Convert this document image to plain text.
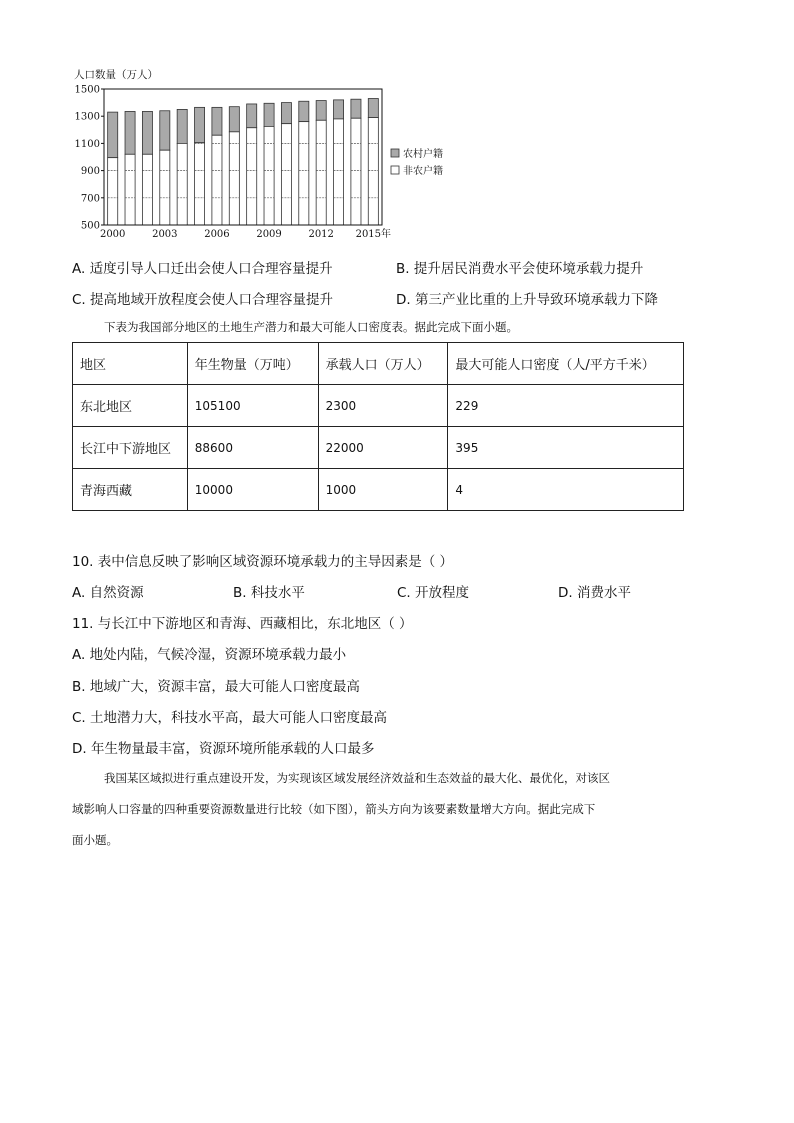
人口数量（万人）
1500
1300
1100
900
700
500
2000	2003	2006	2009	2012 2015年
农村户籍
非农户籍
A. 适度引导人口迁出会使人口合理容量提升	B. 提升居民消费水平会使环境承载力提升
C. 提高地域开放程度会使人口合理容量提升	D. 第三产业比重的上升导致环境承载力下降
下表为我国部分地区的土地生产潜力和最大可能人口密度表。据此完成下面小题。
地区	年生物量（万吨）	承载人口（万人）	最大可能人口密度（人/平方千米）
东北地区	105100	2300	229
长江中下游地区	88600	22000	395
青海西藏	10000	1000	4
10. 表中信息反映了影响区域资源环境承载力的主导因素是（ ）
A. 自然资源	B. 科技水平	C. 开放程度	D. 消费水平
11. 与长江中下游地区和青海、西藏相比，东北地区（ ）
A. 地处内陆，气候冷湿，资源环境承载力最小
B. 地域广大，资源丰富，最大可能人口密度最高
C. 土地潜力大，科技水平高，最大可能人口密度最高
D. 年生物量最丰富，资源环境所能承载的人口最多
我国某区域拟进行重点建设开发，为实现该区域发展经济效益和生态效益的最大化、最优化，对该区
域影响人口容量的四种重要资源数量进行比较（如下图），箭头方向为该要素数量增大方向。据此完成下
面小题。
